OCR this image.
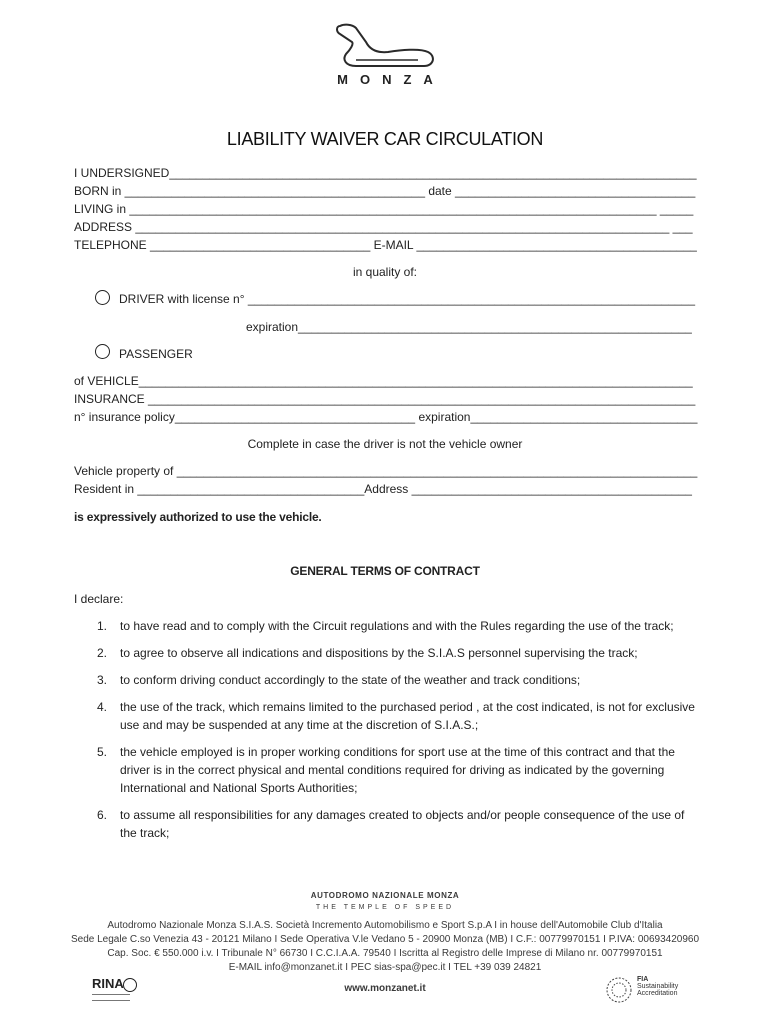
MONZA
LIABILITY WAIVER CAR CIRCULATION
I UNDERSIGNED_______________________________________________________________________________
BORN in _____________________________________________ date ____________________________________
LIVING in _______________________________________________________________________________ _____
ADDRESS ________________________________________________________________________________ ___
TELEPHONE _________________________________ E-MAIL __________________________________________
in quality of:
DRIVER with license n° ___________________________________________________________________
expiration___________________________________________________________
PASSENGER
of VEHICLE___________________________________________________________________________________
INSURANCE __________________________________________________________________________________
n° insurance policy____________________________________ expiration__________________________________
Complete in case the driver is not the vehicle owner
Vehicle property of ______________________________________________________________________________
Resident in __________________________________Address __________________________________________
is expressively authorized to use the vehicle.
GENERAL TERMS OF CONTRACT
I declare:
1. to have read and to comply with the Circuit regulations and with the Rules regarding the use of the track;
2. to agree to observe all indications and dispositions by the S.I.A.S personnel supervising the track;
3. to conform driving conduct accordingly to the state of the weather and track conditions;
4. the use of the track, which remains limited to the purchased period , at the cost indicated, is not for exclusive use and may be suspended at any time at the discretion of S.I.A.S.;
5. the vehicle employed is in proper working conditions for sport use at the time of this contract and that the driver is in the correct physical and mental conditions required for driving as indicated by the governing International and National Sports Authorities;
6. to assume all responsibilities for any damages created to objects and/or people consequence of the use of the track;
AUTODROMO NAZIONALE MONZA
THE TEMPLE OF SPEED
Autodromo Nazionale Monza S.I.A.S. Società Incremento Automobilismo e Sport S.p.A I in house dell'Automobile Club d'Italia
Sede Legale C.so Venezia 43 - 20121 Milano I Sede Operativa V.le Vedano 5 - 20900 Monza (MB) I C.F.: 00779970151 I P.IVA: 00693420960
Cap. Soc. € 550.000 i.v. I Tribunale N° 66730 I C.C.I.A.A. 79540 I Iscritta al Registro delle Imprese di Milano nr. 00779970151
E-MAIL info@monzanet.it I PEC sias-spa@pec.it I TEL +39 039 24821
www.monzanet.it
RINA	FIA
Sustainability
Accreditation
